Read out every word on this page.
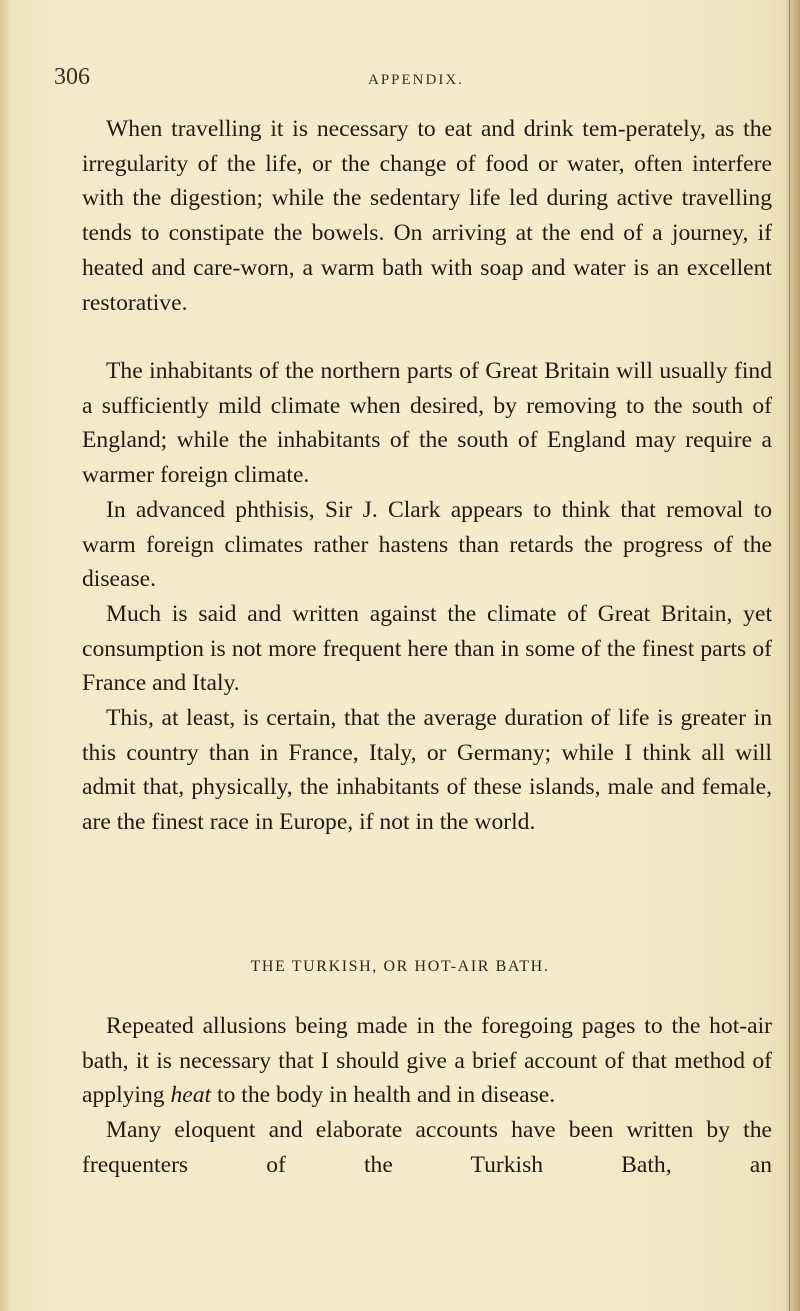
306	APPENDIX.

When travelling it is necessary to eat and drink tem-perately, as the irregularity of the life, or the change of food or water, often interfere with the digestion; while the sedentary life led during active travelling tends to constipate the bowels. On arriving at the end of a journey, if heated and care-worn, a warm bath with soap and water is an excellent restorative.

The inhabitants of the northern parts of Great Britain will usually find a sufficiently mild climate when desired, by removing to the south of England; while the inhabitants of the south of England may require a warmer foreign climate.

In advanced phthisis, Sir J. Clark appears to think that removal to warm foreign climates rather hastens than retards the progress of the disease.

Much is said and written against the climate of Great Britain, yet consumption is not more frequent here than in some of the finest parts of France and Italy.

This, at least, is certain, that the average duration of life is greater in this country than in France, Italy, or Germany; while I think all will admit that, physically, the inhabitants of these islands, male and female, are the finest race in Europe, if not in the world.

THE TURKISH, OR HOT-AIR BATH.

Repeated allusions being made in the foregoing pages to the hot-air bath, it is necessary that I should give a brief account of that method of applying heat to the body in health and in disease.

Many eloquent and elaborate accounts have been written by the frequenters of the Turkish Bath, an
